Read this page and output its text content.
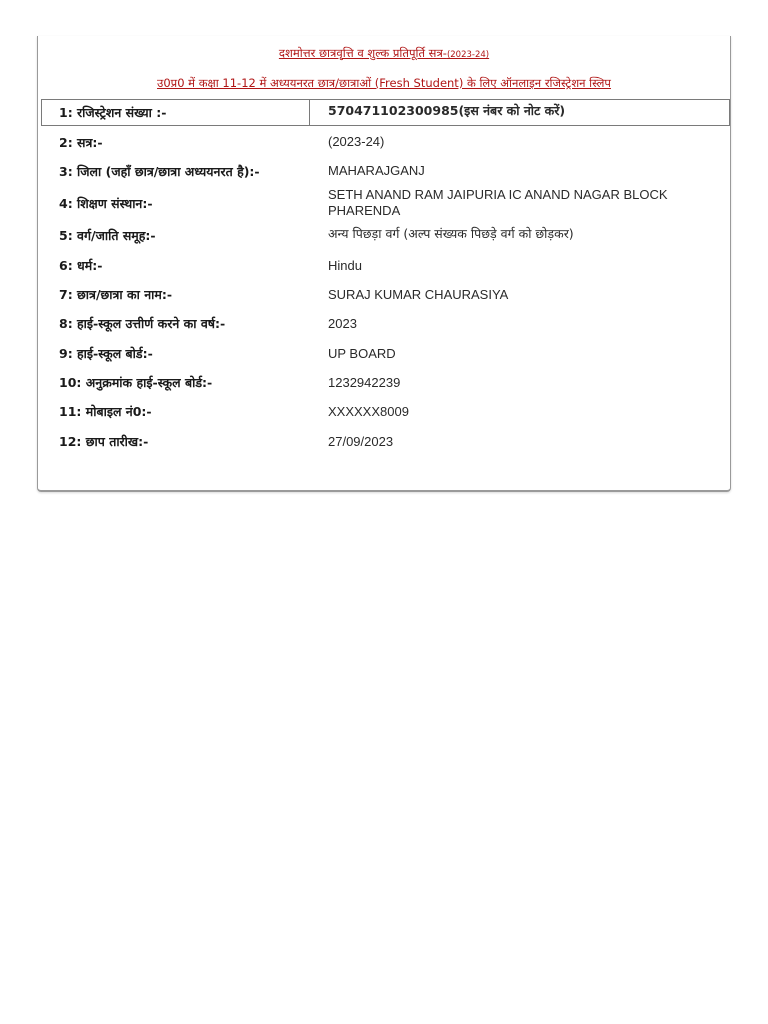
दशमोत्तर छात्रवृत्ति व शुल्क प्रतिपूर्ति सत्र-(2023-24)
उ0प्र0 में कक्षा 11-12 में अध्ययनरत छात्र/छात्राओं (Fresh Student) के लिए ऑनलाइन रजिस्ट्रेशन स्लिप
1: रजिस्ट्रेशन संख्या :-	570471102300985(इस नंबर को नोट करें)
2: सत्र:-	(2023-24)
3: जिला (जहाँ छात्र/छात्रा अध्ययनरत है):-	MAHARAJGANJ
4: शिक्षण संस्थान:-
SETH ANAND RAM JAIPURIA IC ANAND NAGAR BLOCK PHARENDA
5: वर्ग/जाति समूह:-	अन्य पिछड़ा वर्ग (अल्प संख्यक पिछड़े वर्ग को छोड़कर)
6: धर्म:-	Hindu
7: छात्र/छात्रा का नाम:-	SURAJ KUMAR CHAURASIYA
8: हाई-स्कूल उत्तीर्ण करने का वर्ष:-	2023
9: हाई-स्कूल बोर्ड:-	UP BOARD
10: अनुक्रमांक हाई-स्कूल बोर्ड:-	1232942239
11: मोबाइल नं0:-	XXXXXX8009
12: छाप तारीख:-	27/09/2023
